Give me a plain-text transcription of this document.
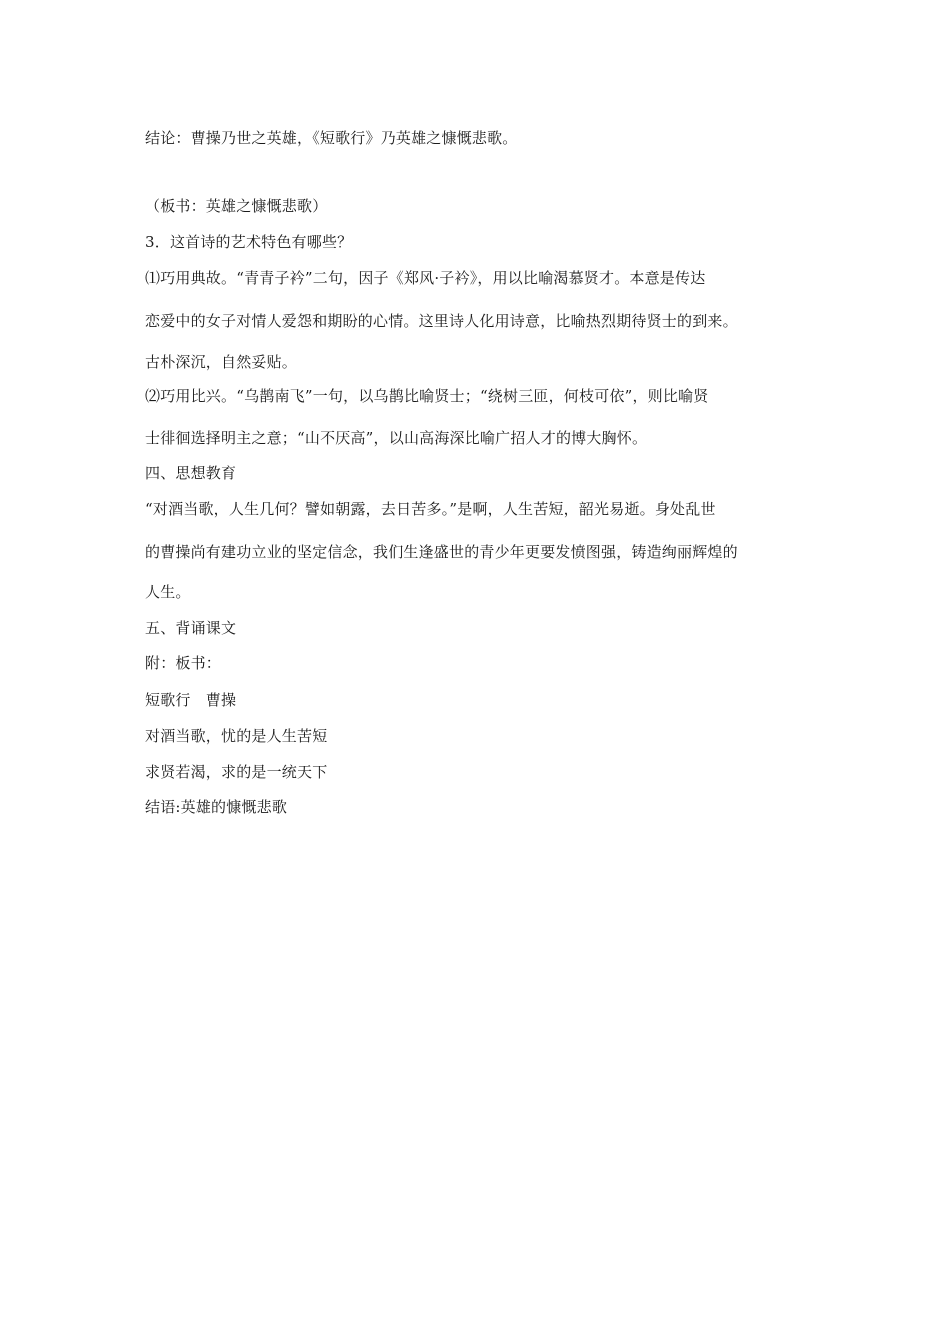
结论：曹操乃世之英雄，《短歌行》乃英雄之慷慨悲歌。
（板书：英雄之慷慨悲歌）
3．这首诗的艺术特色有哪些？
⑴巧用典故。“青青子衿”二句，因子《郑风·子衿》，用以比喻渴慕贤才。本意是传达
恋爱中的女子对情人爱怨和期盼的心情。这里诗人化用诗意，比喻热烈期待贤士的到来。
古朴深沉，自然妥贴。
⑵巧用比兴。“乌鹊南飞”一句，以乌鹊比喻贤士；“绕树三匝，何枝可依”，则比喻贤
士徘徊选择明主之意；“山不厌高”，以山高海深比喻广招人才的博大胸怀。
四、思想教育
“对酒当歌，人生几何？譬如朝露，去日苦多。”是啊，人生苦短，韶光易逝。身处乱世
的曹操尚有建功立业的坚定信念，我们生逢盛世的青少年更要发愤图强，铸造绚丽辉煌的
人生。
五、背诵课文
附：板书：
短歌行　曹操
对酒当歌，忧的是人生苦短
求贤若渴，求的是一统天下
结语:英雄的慷慨悲歌
